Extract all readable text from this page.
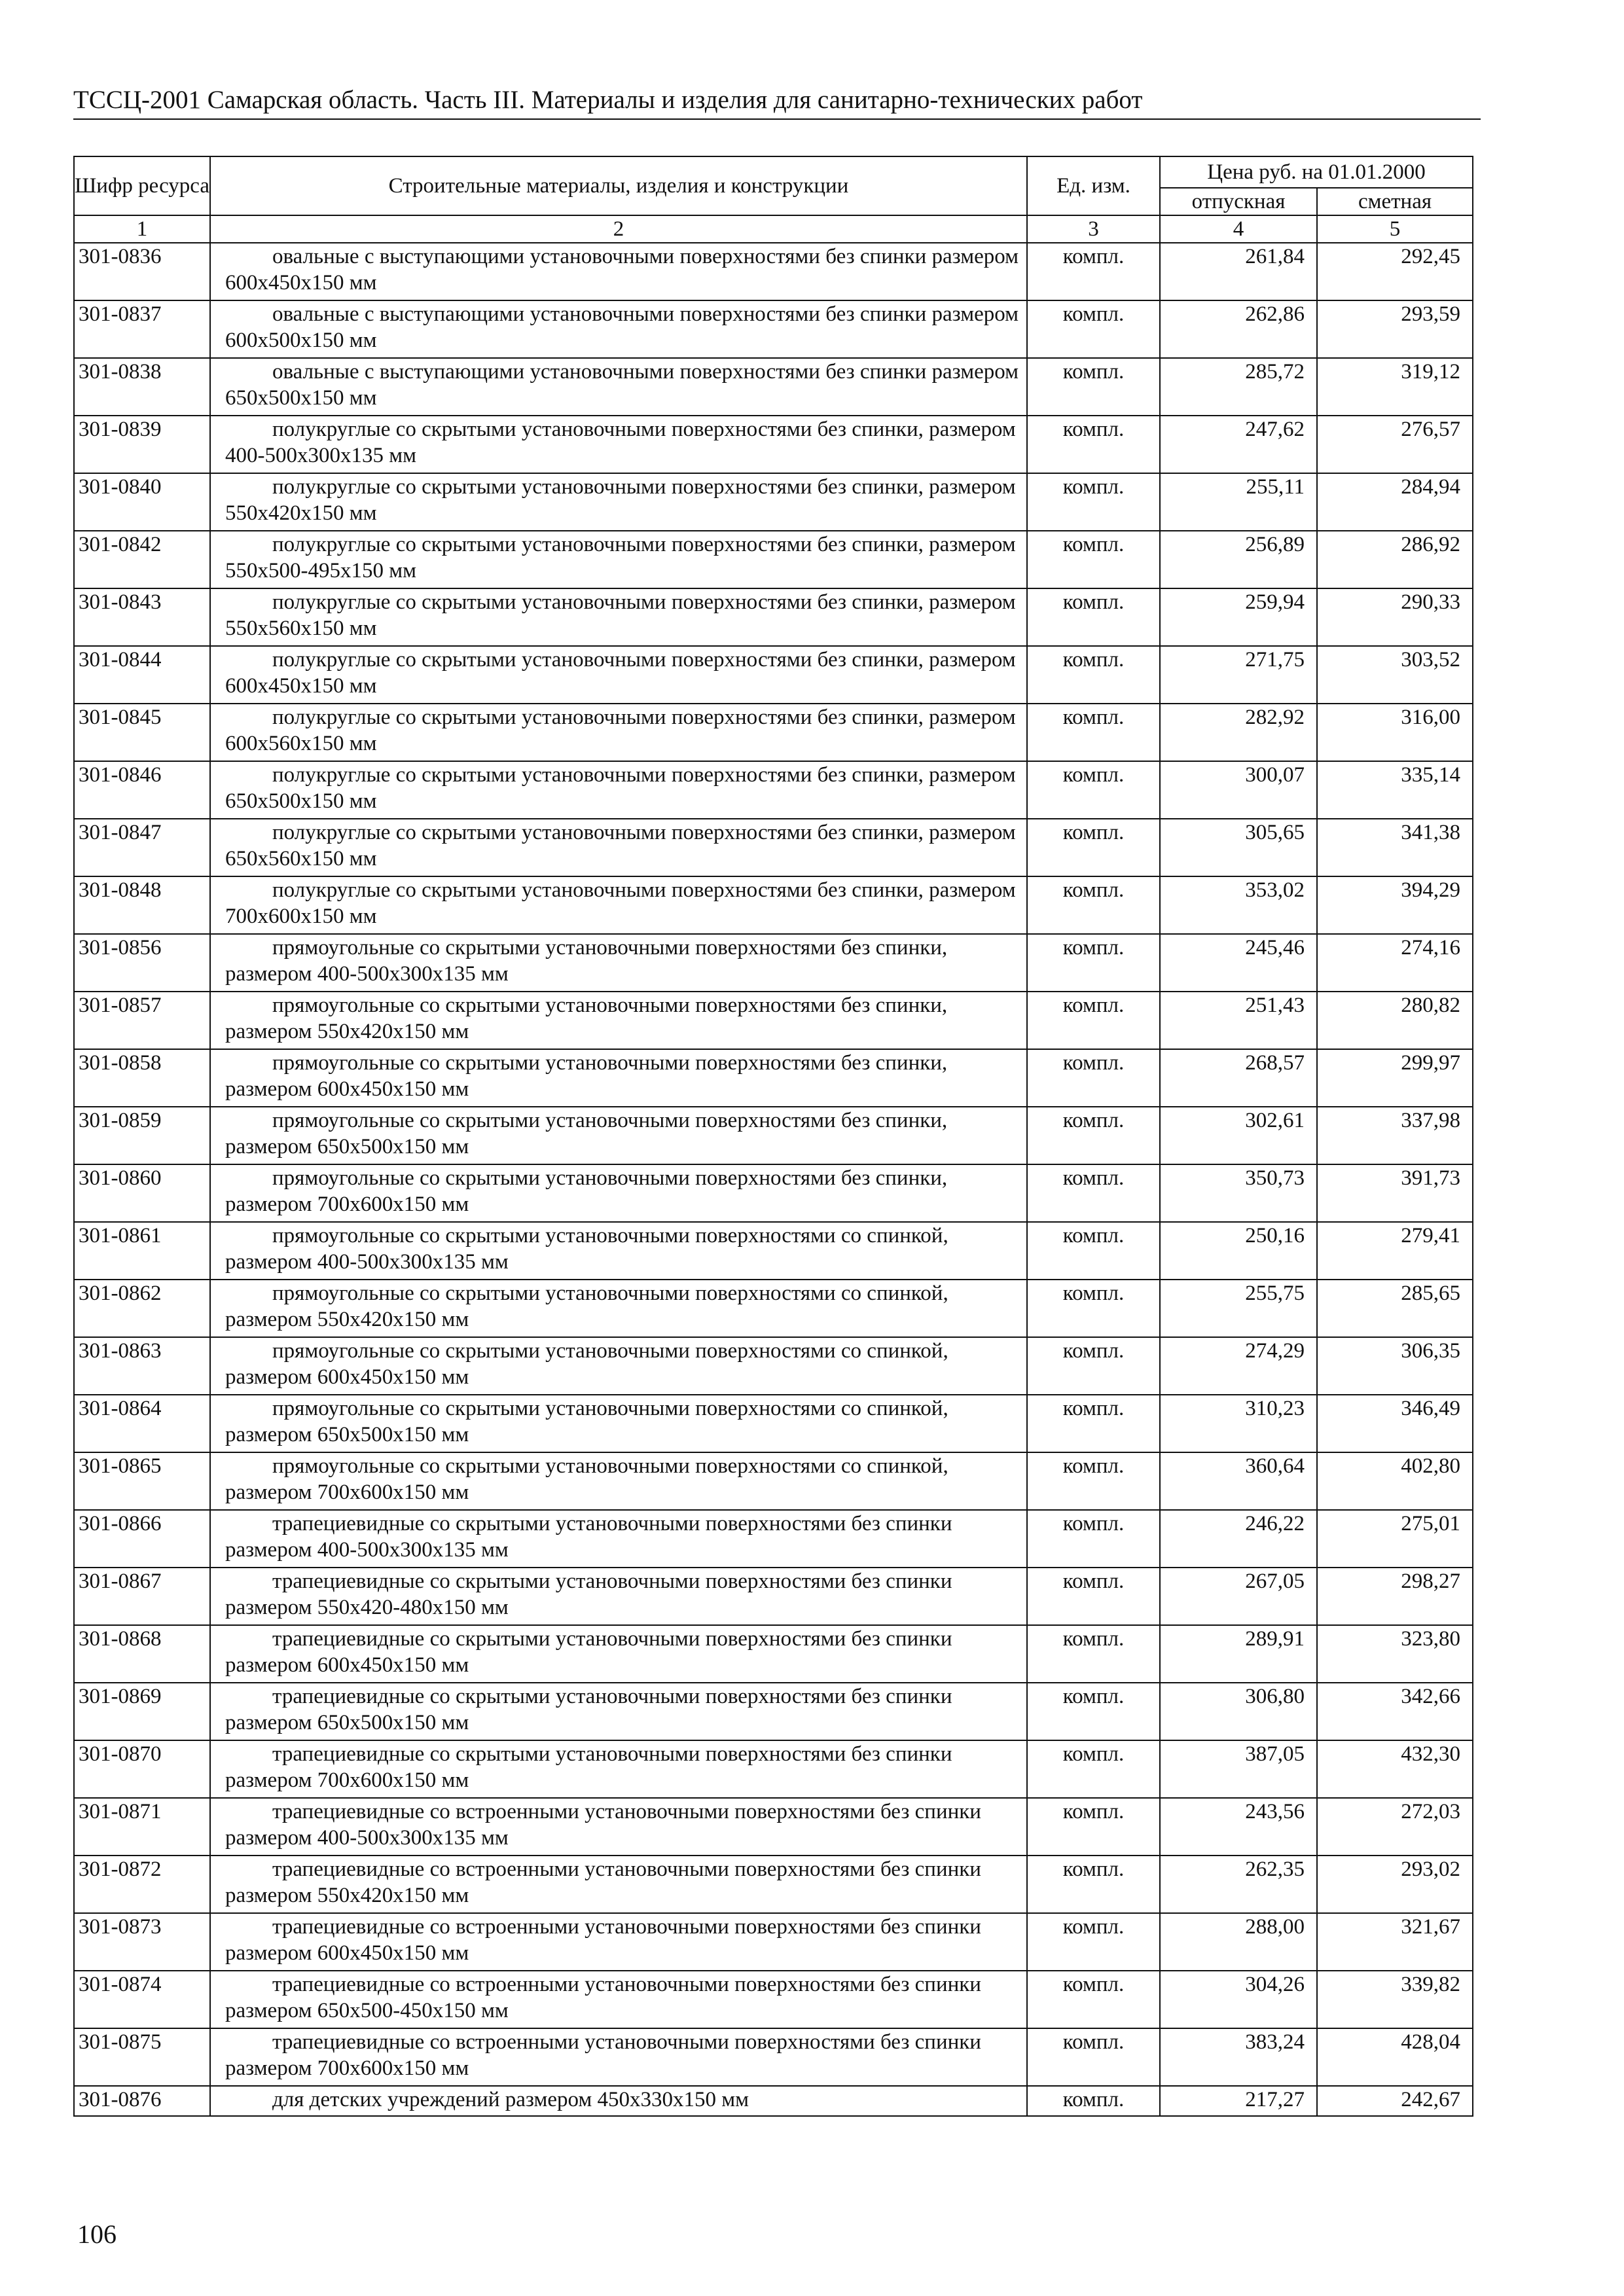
ТССЦ-2001 Самарская область. Часть III. Материалы и изделия для санитарно-технических работ
Шифр ресурса	Строительные материалы, изделия и конструкции	Ед. изм.	Цена руб. на 01.01.2000	
			отпускная	сметная
1	2	3	4	5
301-0836	овальные с выступающими установочными поверхностями без спинки размером 600x450x150 мм	компл.	261,84	292,45
301-0837	овальные с выступающими установочными поверхностями без спинки размером 600x500x150 мм	компл.	262,86	293,59
301-0838	овальные с выступающими установочными поверхностями без спинки размером 650x500x150 мм	компл.	285,72	319,12
301-0839	полукруглые со скрытыми установочными поверхностями без спинки, размером 400-500x300x135 мм	компл.	247,62	276,57
301-0840	полукруглые со скрытыми установочными поверхностями без спинки, размером 550x420x150 мм	компл.	255,11	284,94
301-0842	полукруглые со скрытыми установочными поверхностями без спинки, размером 550x500-495x150 мм	компл.	256,89	286,92
301-0843	полукруглые со скрытыми установочными поверхностями без спинки, размером 550x560x150 мм	компл.	259,94	290,33
301-0844	полукруглые со скрытыми установочными поверхностями без спинки, размером 600x450x150 мм	компл.	271,75	303,52
301-0845	полукруглые со скрытыми установочными поверхностями без спинки, размером 600x560x150 мм	компл.	282,92	316,00
301-0846	полукруглые со скрытыми установочными поверхностями без спинки, размером 650x500x150 мм	компл.	300,07	335,14
301-0847	полукруглые со скрытыми установочными поверхностями без спинки, размером 650x560x150 мм	компл.	305,65	341,38
301-0848	полукруглые со скрытыми установочными поверхностями без спинки, размером 700x600x150 мм	компл.	353,02	394,29
301-0856	прямоугольные со скрытыми установочными поверхностями без спинки, размером 400-500x300x135 мм	компл.	245,46	274,16
301-0857	прямоугольные со скрытыми установочными поверхностями без спинки, размером 550x420x150 мм	компл.	251,43	280,82
301-0858	прямоугольные со скрытыми установочными поверхностями без спинки, размером 600x450x150 мм	компл.	268,57	299,97
301-0859	прямоугольные со скрытыми установочными поверхностями без спинки, размером 650x500x150 мм	компл.	302,61	337,98
301-0860	прямоугольные со скрытыми установочными поверхностями без спинки, размером 700x600x150 мм	компл.	350,73	391,73
301-0861	прямоугольные со скрытыми установочными поверхностями со спинкой, размером 400-500x300x135 мм	компл.	250,16	279,41
301-0862	прямоугольные со скрытыми установочными поверхностями со спинкой, размером 550x420x150 мм	компл.	255,75	285,65
301-0863	прямоугольные со скрытыми установочными поверхностями со спинкой, размером 600x450x150 мм	компл.	274,29	306,35
301-0864	прямоугольные со скрытыми установочными поверхностями со спинкой, размером 650x500x150 мм	компл.	310,23	346,49
301-0865	прямоугольные со скрытыми установочными поверхностями со спинкой, размером 700x600x150 мм	компл.	360,64	402,80
301-0866	трапециевидные со скрытыми установочными поверхностями без спинки размером 400-500x300x135 мм	компл.	246,22	275,01
301-0867	трапециевидные со скрытыми установочными поверхностями без спинки размером 550x420-480x150 мм	компл.	267,05	298,27
301-0868	трапециевидные со скрытыми установочными поверхностями без спинки размером 600x450x150 мм	компл.	289,91	323,80
301-0869	трапециевидные со скрытыми установочными поверхностями без спинки размером 650x500x150 мм	компл.	306,80	342,66
301-0870	трапециевидные со скрытыми установочными поверхностями без спинки размером 700x600x150 мм	компл.	387,05	432,30
301-0871	трапециевидные со встроенными установочными поверхностями без спинки размером 400-500x300x135 мм	компл.	243,56	272,03
301-0872	трапециевидные со встроенными установочными поверхностями без спинки размером 550x420x150 мм	компл.	262,35	293,02
301-0873	трапециевидные со встроенными установочными поверхностями без спинки размером 600x450x150 мм	компл.	288,00	321,67
301-0874	трапециевидные со встроенными установочными поверхностями без спинки размером 650x500-450x150 мм	компл.	304,26	339,82
301-0875	трапециевидные со встроенными установочными поверхностями без спинки размером 700x600x150 мм	компл.	383,24	428,04
301-0876	для детских учреждений размером 450x330x150 мм	компл.	217,27	242,67
106
